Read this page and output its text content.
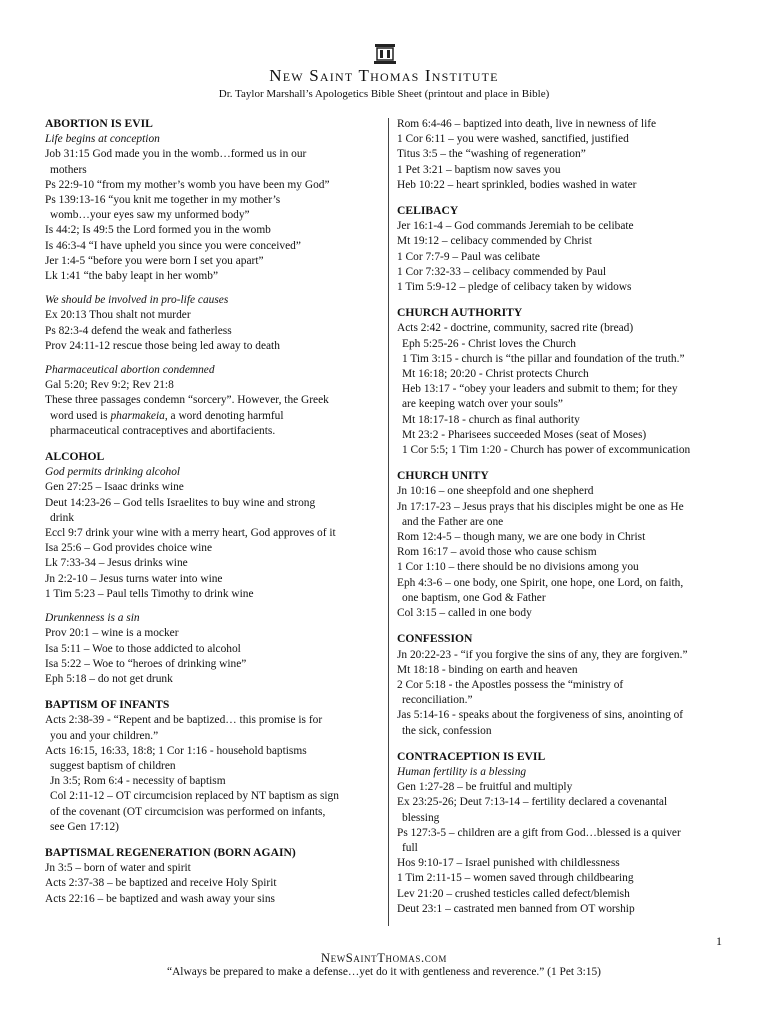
New Saint Thomas Institute
Dr. Taylor Marshall’s Apologetics Bible Sheet (printout and place in Bible)
ABORTION IS EVIL
Life begins at conception
Job 31:15 God made you in the womb…formed us in our
mothers
Ps 22:9-10 “from my mother’s womb you have been my God”
Ps 139:13-16 “you knit me together in my mother’s
womb…your eyes saw my unformed body”
Is 44:2; Is 49:5 the Lord formed you in the womb
Is 46:3-4 “I have upheld you since you were conceived”
Jer 1:4-5 “before you were born I set you apart”
Lk 1:41 “the baby leapt in her womb”
We should be involved in pro-life causes
Ex 20:13 Thou shalt not murder
Ps 82:3-4 defend the weak and fatherless
Prov 24:11-12 rescue those being led away to death
Pharmaceutical abortion condemned
Gal 5:20; Rev 9:2; Rev 21:8
These three passages condemn “sorcery”. However, the Greek
word used is pharmakeia, a word denoting harmful
pharmaceutical contraceptives and abortifacients.
ALCOHOL
God permits drinking alcohol
Gen 27:25 – Isaac drinks wine
Deut 14:23-26 – God tells Israelites to buy wine and strong
drink
Eccl 9:7 drink your wine with a merry heart, God approves of it
Isa 25:6 – God provides choice wine
Lk 7:33-34 – Jesus drinks wine
Jn 2:2-10 – Jesus turns water into wine
1 Tim 5:23 – Paul tells Timothy to drink wine
Drunkenness is a sin
Prov 20:1 – wine is a mocker
Isa 5:11 – Woe to those addicted to alcohol
Isa 5:22 – Woe to “heroes of drinking wine”
Eph 5:18 – do not get drunk
BAPTISM OF INFANTS
Acts 2:38-39 - “Repent and be baptized… this promise is for
you and your children.”
Acts 16:15, 16:33, 18:8; 1 Cor 1:16 - household baptisms
suggest baptism of children
Jn 3:5; Rom 6:4 - necessity of baptism
Col 2:11-12 – OT circumcision replaced by NT baptism as sign
of the covenant (OT circumcision was performed on infants,
see Gen 17:12)
BAPTISMAL REGENERATION (BORN AGAIN)
Jn 3:5 – born of water and spirit
Acts 2:37-38 – be baptized and receive Holy Spirit
Acts 22:16 – be baptized and wash away your sins
Rom 6:4-46 – baptized into death, live in newness of life
1 Cor 6:11 – you were washed, sanctified, justified
Titus 3:5 – the “washing of regeneration”
1 Pet 3:21 – baptism now saves you
Heb 10:22 – heart sprinkled, bodies washed in water
CELIBACY
Jer 16:1-4 – God commands Jeremiah to be celibate
Mt 19:12 – celibacy commended by Christ
1 Cor 7:7-9 – Paul was celibate
1 Cor 7:32-33 – celibacy commended by Paul
1 Tim 5:9-12 – pledge of celibacy taken by widows
CHURCH AUTHORITY
Acts 2:42 - doctrine, community, sacred rite (bread)
Eph 5:25-26 - Christ loves the Church
1 Tim 3:15 - church is “the pillar and foundation of the truth.”
Mt 16:18; 20:20 - Christ protects Church
Heb 13:17 - “obey your leaders and submit to them; for they
are keeping watch over your souls”
Mt 18:17-18 - church as final authority
Mt 23:2 - Pharisees succeeded Moses (seat of Moses)
1 Cor 5:5; 1 Tim 1:20 - Church has power of excommunication
CHURCH UNITY
Jn 10:16 – one sheepfold and one shepherd
Jn 17:17-23 – Jesus prays that his disciples might be one as He
and the Father are one
Rom 12:4-5 – though many, we are one body in Christ
Rom 16:17 – avoid those who cause schism
1 Cor 1:10 – there should be no divisions among you
Eph 4:3-6 – one body, one Spirit, one hope, one Lord, on faith,
one baptism, one God & Father
Col 3:15 – called in one body
CONFESSION
Jn 20:22-23 - “if you forgive the sins of any, they are forgiven.”
Mt 18:18 - binding on earth and heaven
2 Cor 5:18 - the Apostles possess the “ministry of
reconciliation.”
Jas 5:14-16 - speaks about the forgiveness of sins, anointing of
the sick, confession
CONTRACEPTION IS EVIL
Human fertility is a blessing
Gen 1:27-28 – be fruitful and multiply
Ex 23:25-26; Deut 7:13-14 – fertility declared a covenantal
blessing
Ps 127:3-5 – children are a gift from God…blessed is a quiver
full
Hos 9:10-17 – Israel punished with childlessness
1 Tim 2:11-15 – women saved through childbearing
Lev 21:20 – crushed testicles called defect/blemish
Deut 23:1 – castrated men banned from OT worship
1
NewSaintThomas.com
“Always be prepared to make a defense…yet do it with gentleness and reverence.” (1 Pet 3:15)
